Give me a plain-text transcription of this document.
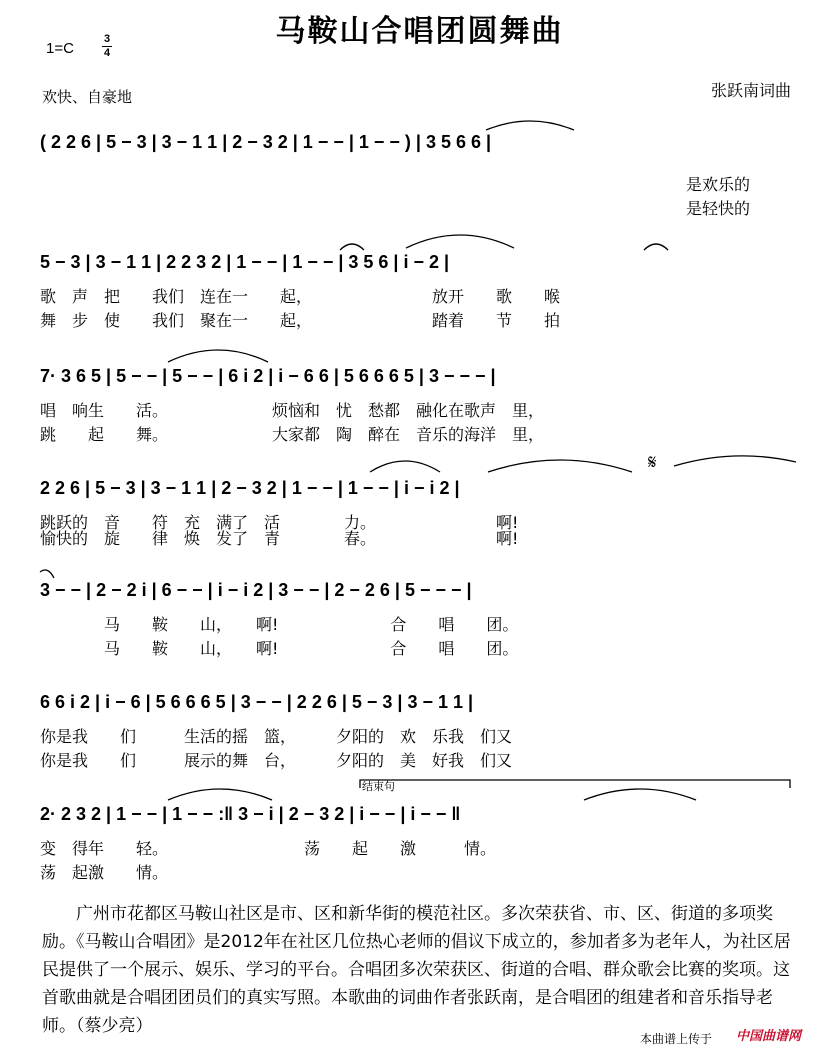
马鞍山合唱团圆舞曲
1=C
3
4
欢快、自豪地	张跃南词曲
( 2 2 6 | 5 − 3 | 3 − 1 1 | 2 − 3 2 | 1 − − | 1 − − ) | 3 5 6 6 |
是欢乐的
是轻快的
5 − 3 | 3 − 1 1 | 2 2 3 2 | 1 − − | 1 − − | 3 5 6 | i − 2 |
歌　声　把　　我们　连在一　　起，　　　　　　　　放开　　歌　　喉
舞　步　使　　我们　聚在一　　起，　　　　　　　　踏着　　节　　拍
7· 3 6 5 | 5 − − | 5 − − | 6 i 2 | i − 6 6 | 5 6 6 6 5 | 3 − − − |
唱　响生　　活。　　　　　　　烦恼和　忧　愁都　融化在歌声　里，
跳　　起　　舞。　　　　　　　大家都　陶　醉在　音乐的海洋　里，
2 2 6 | 5 − 3 | 3 − 1 1 | 2 − 3 2 | 1 − − | 1 − − | i − i 2 |
跳跃的　音　　符　充　满了　活　　　　力。　　　　　　　　啊!
愉快的　旋　　律　焕　发了　青　　　　春。　　　　　　　　啊!
𝄋
3 − − | 2 − 2 i | 6 − − | i − i 2 | 3 − − | 2 − 2 6 | 5 − − − |
　　　　马　　鞍　　山，　　啊!　　　　　　　合　　唱　　团。
　　　　马　　鞍　　山，　　啊!　　　　　　　合　　唱　　团。
6 6 i 2 | i − 6 | 5 6 6 6 5 | 3 − − | 2 2 6 | 5 − 3 | 3 − 1 1 |
你是我　　们　　　生活的摇　篮，　　　夕阳的　欢　乐我　们又
你是我　　们　　　展示的舞　台，　　　夕阳的　美　好我　们又
结束句
2· 2 3 2 | 1 − − | 1 − − :‖ 3 − i | 2 − 3 2 | i − − | i − − ‖
变　得年　　轻。　　　　　　　　　荡　　起　　激　　　情。
荡　起激　　情。
广州市花都区马鞍山社区是市、区和新华街的模范社区。多次荣获省、市、区、街道的多项奖励。《马鞍山合唱团》是2012年在社区几位热心老师的倡议下成立的，参加者多为老年人，为社区居民提供了一个展示、娱乐、学习的平台。合唱团多次荣获区、街道的合唱、群众歌会比赛的奖项。这首歌曲就是合唱团团员们的真实写照。本歌曲的词曲作者张跃南，是合唱团的组建者和音乐指导老师。（蔡少亮）
本曲谱上传于 中国曲谱网
